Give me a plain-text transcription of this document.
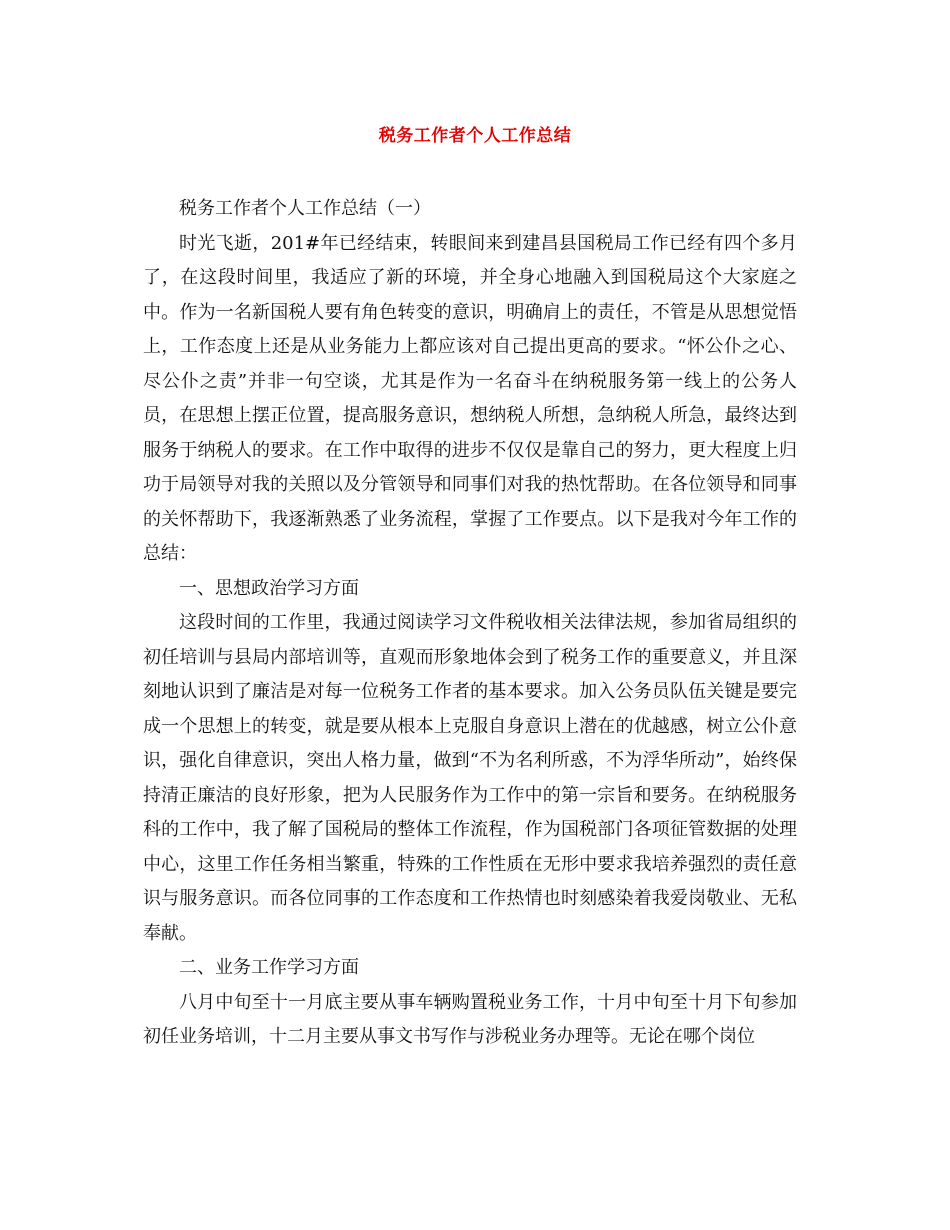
税务工作者个人工作总结

税务工作者个人工作总结（一）

时光飞逝，201#年已经结束，转眼间来到建昌县国税局工作已经有四个多月了，在这段时间里，我适应了新的环境，并全身心地融入到国税局这个大家庭之中。作为一名新国税人要有角色转变的意识，明确肩上的责任，不管是从思想觉悟上，工作态度上还是从业务能力上都应该对自己提出更高的要求。“怀公仆之心、尽公仆之责”并非一句空谈，尤其是作为一名奋斗在纳税服务第一线上的公务人员，在思想上摆正位置，提高服务意识，想纳税人所想，急纳税人所急，最终达到服务于纳税人的要求。在工作中取得的进步不仅仅是靠自己的努力，更大程度上归功于局领导对我的关照以及分管领导和同事们对我的热忱帮助。在各位领导和同事的关怀帮助下，我逐渐熟悉了业务流程，掌握了工作要点。以下是我对今年工作的总结：

一、思想政治学习方面

这段时间的工作里，我通过阅读学习文件税收相关法律法规，参加省局组织的初任培训与县局内部培训等，直观而形象地体会到了税务工作的重要意义，并且深刻地认识到了廉洁是对每一位税务工作者的基本要求。加入公务员队伍关键是要完成一个思想上的转变，就是要从根本上克服自身意识上潜在的优越感，树立公仆意识，强化自律意识，突出人格力量，做到“不为名利所惑，不为浮华所动”，始终保持清正廉洁的良好形象，把为人民服务作为工作中的第一宗旨和要务。在纳税服务科的工作中，我了解了国税局的整体工作流程，作为国税部门各项征管数据的处理中心，这里工作任务相当繁重，特殊的工作性质在无形中要求我培养强烈的责任意识与服务意识。而各位同事的工作态度和工作热情也时刻感染着我爱岗敬业、无私奉献。

二、业务工作学习方面

八月中旬至十一月底主要从事车辆购置税业务工作，十月中旬至十月下旬参加初任业务培训，十二月主要从事文书写作与涉税业务办理等。无论在哪个岗位
